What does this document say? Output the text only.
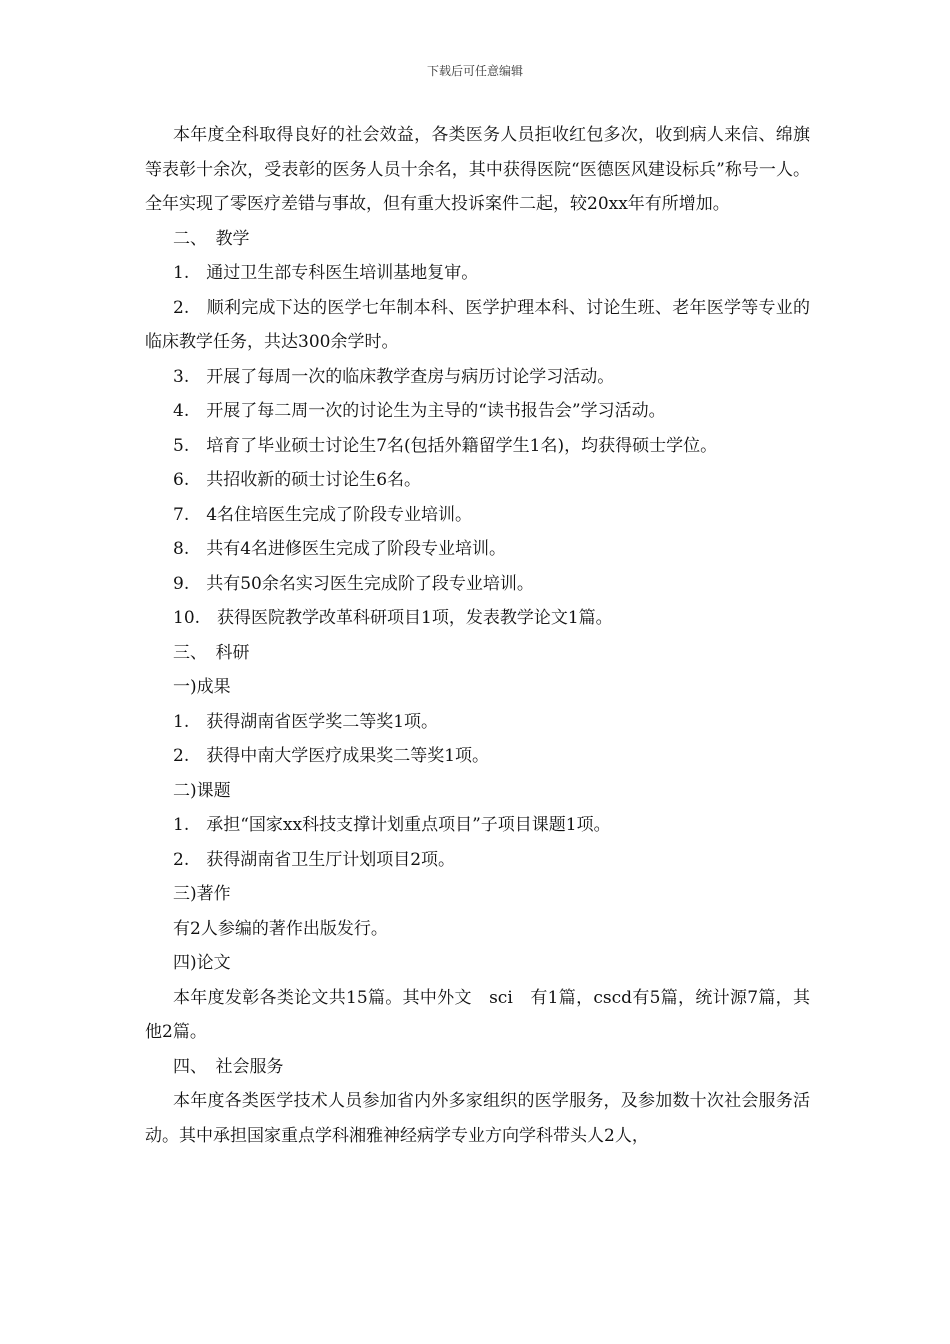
下载后可任意编辑
本年度全科取得良好的社会效益，各类医务人员拒收红包多次，收到病人来信、绵旗等表彰十余次，受表彰的医务人员十余名，其中获得医院“医德医风建设标兵”称号一人。全年实现了零医疗差错与事故，但有重大投诉案件二起，较20xx年有所增加。
二、　教学
1.　通过卫生部专科医生培训基地复审。
2.　顺利完成下达的医学七年制本科、医学护理本科、讨论生班、老年医学等专业的临床教学任务，共达300余学时。
3.　开展了每周一次的临床教学查房与病历讨论学习活动。
4.　开展了每二周一次的讨论生为主导的“读书报告会”学习活动。
5.　培育了毕业硕士讨论生7名(包括外籍留学生1名)，均获得硕士学位。
6.　共招收新的硕士讨论生6名。
7.　4名住培医生完成了阶段专业培训。
8.　共有4名进修医生完成了阶段专业培训。
9.　共有50余名实习医生完成阶了段专业培训。
10.　获得医院教学改革科研项目1项，发表教学论文1篇。
三、　科研
一)成果
1.　获得湖南省医学奖二等奖1项。
2.　获得中南大学医疗成果奖二等奖1项。
二)课题
1.　承担“国家xx科技支撑计划重点项目”子项目课题1项。
2.　获得湖南省卫生厅计划项目2项。
三)著作
有2人参编的著作出版发行。
四)论文
本年度发彰各类论文共15篇。其中外文　sci　有1篇，cscd有5篇，统计源7篇，其他2篇。
四、　社会服务
本年度各类医学技术人员参加省内外多家组织的医学服务，及参加数十次社会服务活动。其中承担国家重点学科湘雅神经病学专业方向学科带头人2人，
